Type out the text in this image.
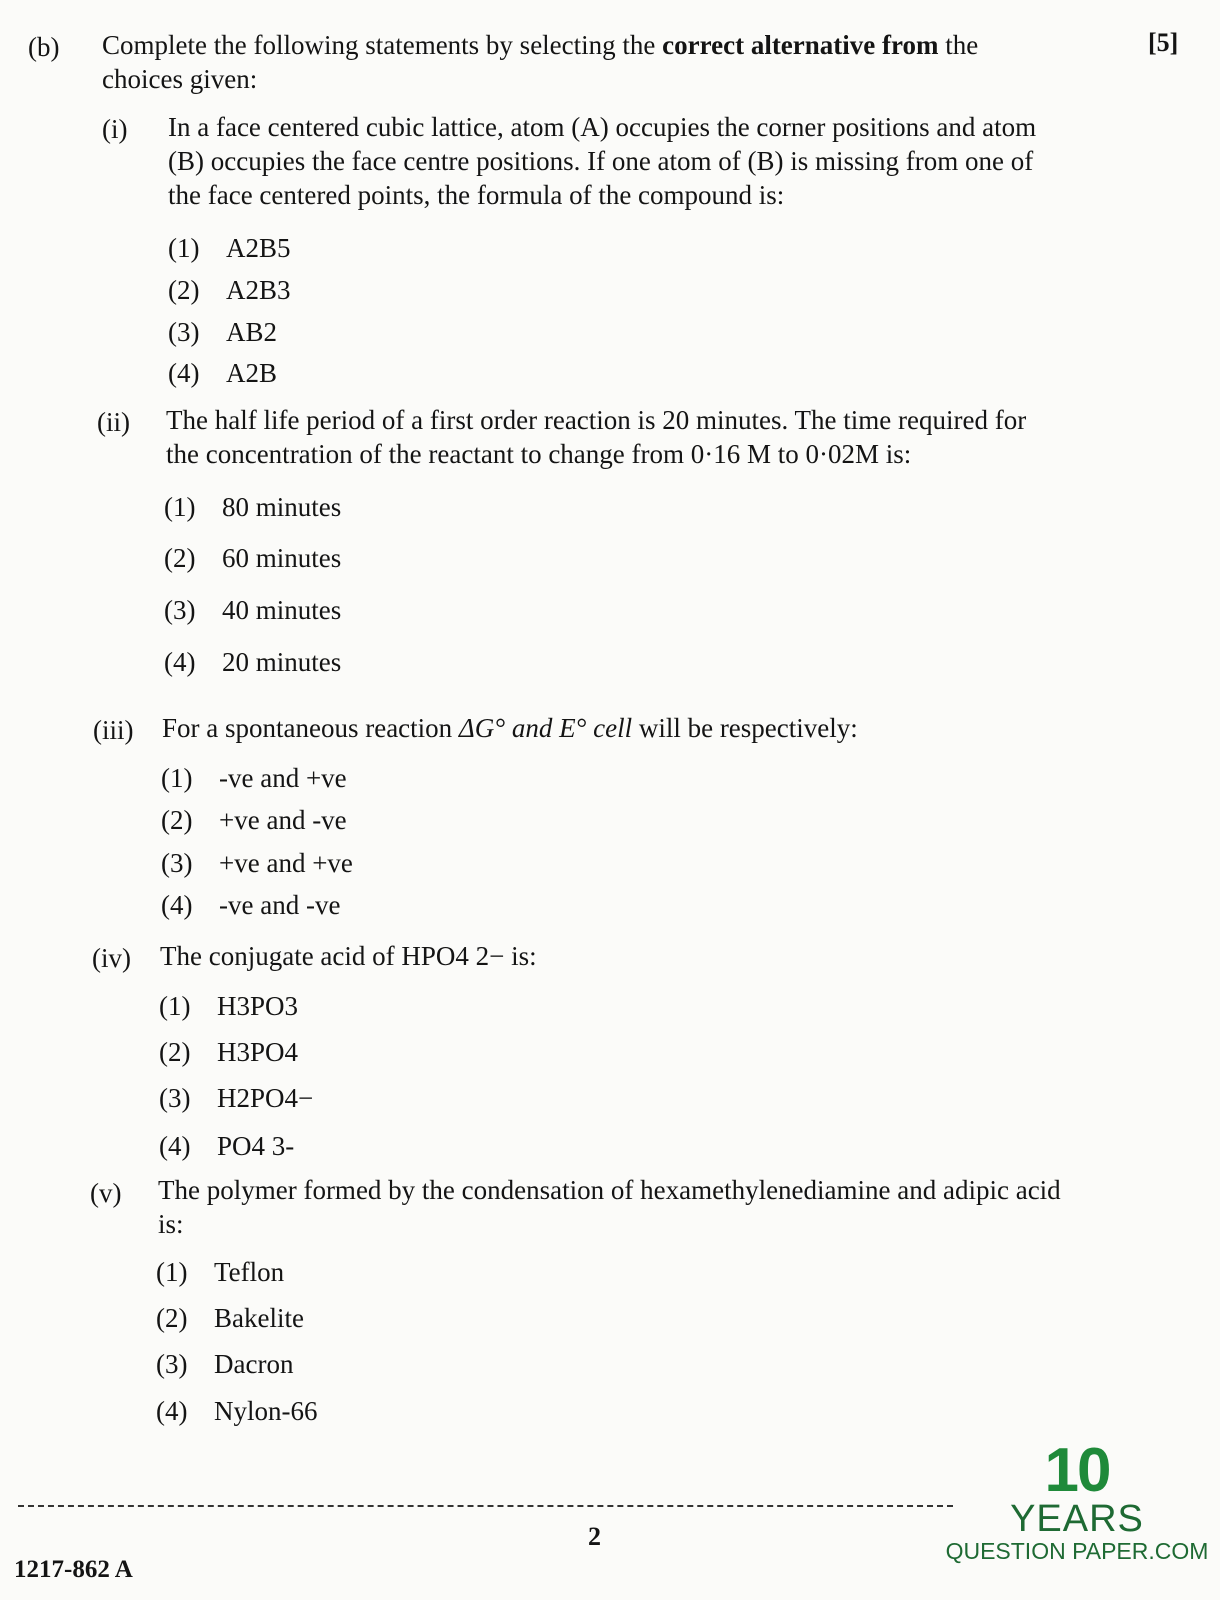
(b) Complete the following statements by selecting the correct alternative from the
choices given:
[5]
(i) In a face centered cubic lattice, atom (A) occupies the corner positions and atom
(B) occupies the face centre positions. If one atom of (B) is missing from one of
the face centered points, the formula of the compound is:
(1) A2B5
(2) A2B3
(3) AB2
(4) A2B
(ii) The half life period of a first order reaction is 20 minutes. The time required for
the concentration of the reactant to change from 0·16 M to 0·02M is:
(1) 80 minutes
(2) 60 minutes
(3) 40 minutes
(4) 20 minutes
(iii) For a spontaneous reaction ΔG° and E° cell will be respectively:
(1) -ve and +ve
(2) +ve and -ve
(3) +ve and +ve
(4) -ve and -ve
(iv) The conjugate acid of HPO4 2− is:
(1) H3PO3
(2) H3PO4
(3) H2PO4−
(4) PO4 3-
(v) The polymer formed by the condensation of hexamethylenediamine and adipic acid
is:
(1) Teflon
(2) Bakelite
(3) Dacron
(4) Nylon-66
2
1217-862 A
10
YEARS
QUESTION PAPER.COM
